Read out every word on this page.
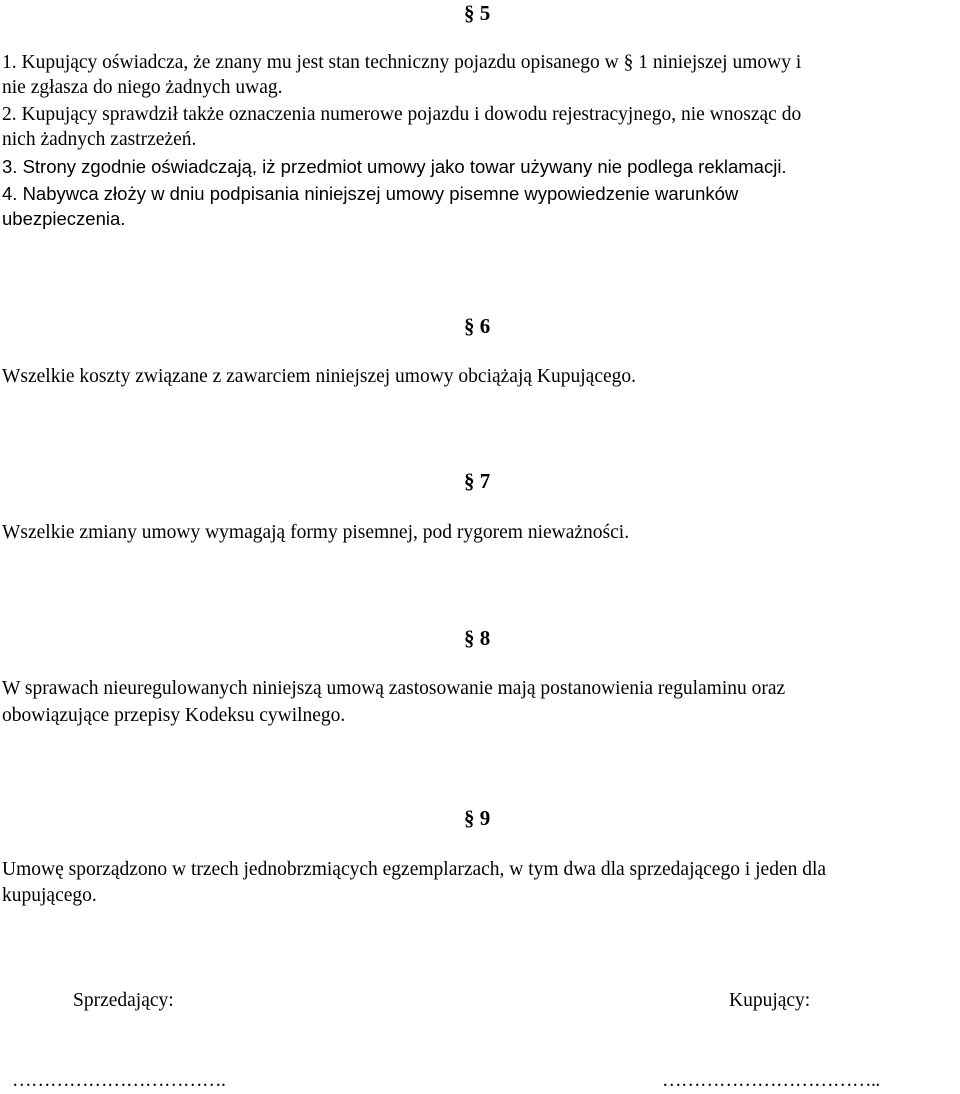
§ 5

1. Kupujący oświadcza, że znany mu jest stan techniczny pojazdu opisanego w § 1 niniejszej umowy i

nie zgłasza do niego żadnych uwag.

2. Kupujący sprawdził także oznaczenia numerowe pojazdu i dowodu rejestracyjnego, nie wnosząc do

nich żadnych zastrzeżeń.

3. Strony zgodnie oświadczają, iż przedmiot umowy jako towar używany nie podlega reklamacji.

4. Nabywca złoży w dniu podpisania niniejszej umowy pisemne wypowiedzenie warunków

ubezpieczenia.

§ 6

Wszelkie koszty związane z zawarciem niniejszej umowy obciążają Kupującego.

§ 7

Wszelkie zmiany umowy wymagają formy pisemnej, pod rygorem nieważności.

§ 8

W sprawach nieuregulowanych niniejszą umową zastosowanie mają postanowienia regulaminu oraz

obowiązujące przepisy Kodeksu cywilnego.

§ 9

Umowę sporządzono w trzech jednobrzmiących egzemplarzach, w tym dwa dla sprzedającego i jeden dla

kupującego.

Sprzedający:	Kupujący:
…………………………….	……………………………..
